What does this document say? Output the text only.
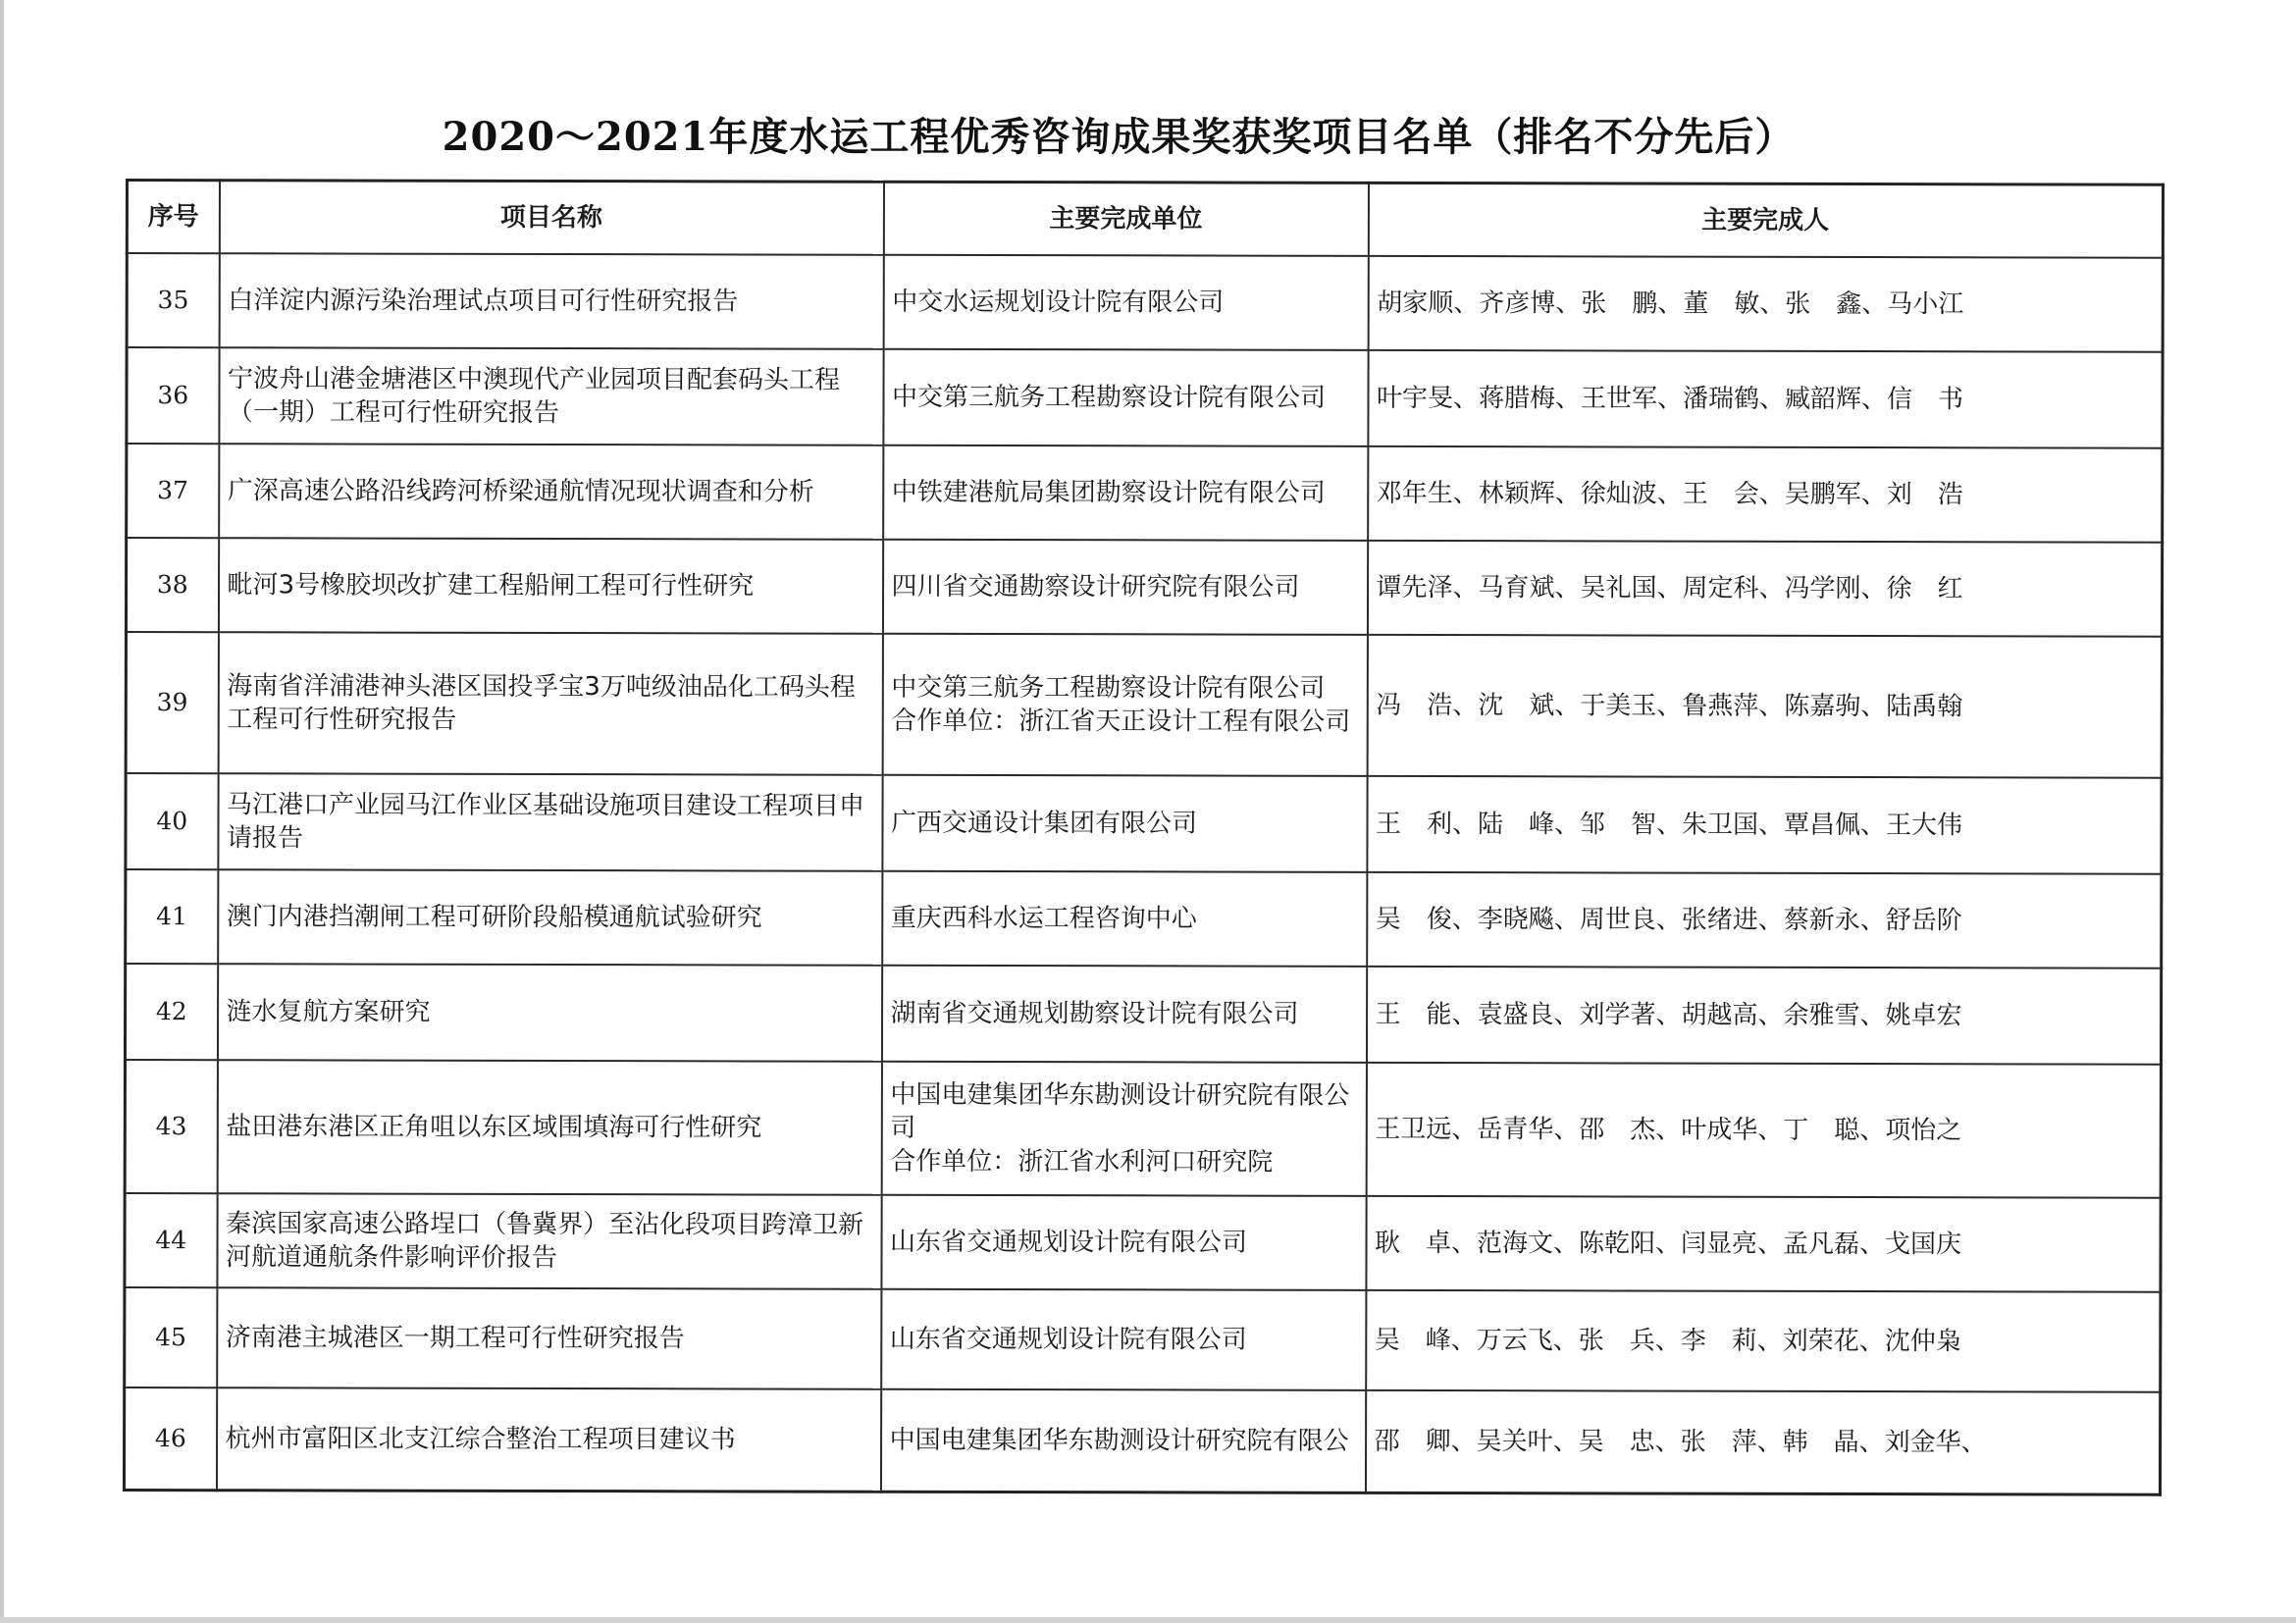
2020～2021年度水运工程优秀咨询成果奖获奖项目名单（排名不分先后）
序号	项目名称	主要完成单位	主要完成人
35	白洋淀内源污染治理试点项目可行性研究报告	中交水运规划设计院有限公司	胡家顺、齐彦博、张　鹏、董　敏、张　鑫、马小江
36	宁波舟山港金塘港区中澳现代产业园项目配套码头工程（一期）工程可行性研究报告	中交第三航务工程勘察设计院有限公司	叶宇旻、蒋腊梅、王世军、潘瑞鹤、臧韶辉、信　书
37	广深高速公路沿线跨河桥梁通航情况现状调查和分析	中铁建港航局集团勘察设计院有限公司	邓年生、林颖辉、徐灿波、王　会、吴鹏军、刘　浩
38	毗河3号橡胶坝改扩建工程船闸工程可行性研究	四川省交通勘察设计研究院有限公司	谭先泽、马育斌、吴礼国、周定科、冯学刚、徐　红
39	海南省洋浦港神头港区国投孚宝3万吨级油品化工码头程工程可行性研究报告	中交第三航务工程勘察设计院有限公司
合作单位：浙江省天正设计工程有限公司	冯　浩、沈　斌、于美玉、鲁燕萍、陈嘉驹、陆禹翰
40	马江港口产业园马江作业区基础设施项目建设工程项目申请报告	广西交通设计集团有限公司	王　利、陆　峰、邹　智、朱卫国、覃昌佩、王大伟
41	澳门内港挡潮闸工程可研阶段船模通航试验研究	重庆西科水运工程咨询中心	吴　俊、李晓飚、周世良、张绪进、蔡新永、舒岳阶
42	涟水复航方案研究	湖南省交通规划勘察设计院有限公司	王　能、袁盛良、刘学著、胡越高、余雅雪、姚卓宏
43	盐田港东港区正角咀以东区域围填海可行性研究	中国电建集团华东勘测设计研究院有限公司
合作单位：浙江省水利河口研究院	王卫远、岳青华、邵　杰、叶成华、丁　聪、项怡之
44	秦滨国家高速公路埕口（鲁冀界）至沾化段项目跨漳卫新河航道通航条件影响评价报告	山东省交通规划设计院有限公司	耿　卓、范海文、陈乾阳、闫显亮、孟凡磊、戈国庆
45	济南港主城港区一期工程可行性研究报告	山东省交通规划设计院有限公司	吴　峰、万云飞、张　兵、李　莉、刘荣花、沈仲枭
46	杭州市富阳区北支江综合整治工程项目建议书	中国电建集团华东勘测设计研究院有限公	邵　卿、吴关叶、吴　忠、张　萍、韩　晶、刘金华、
